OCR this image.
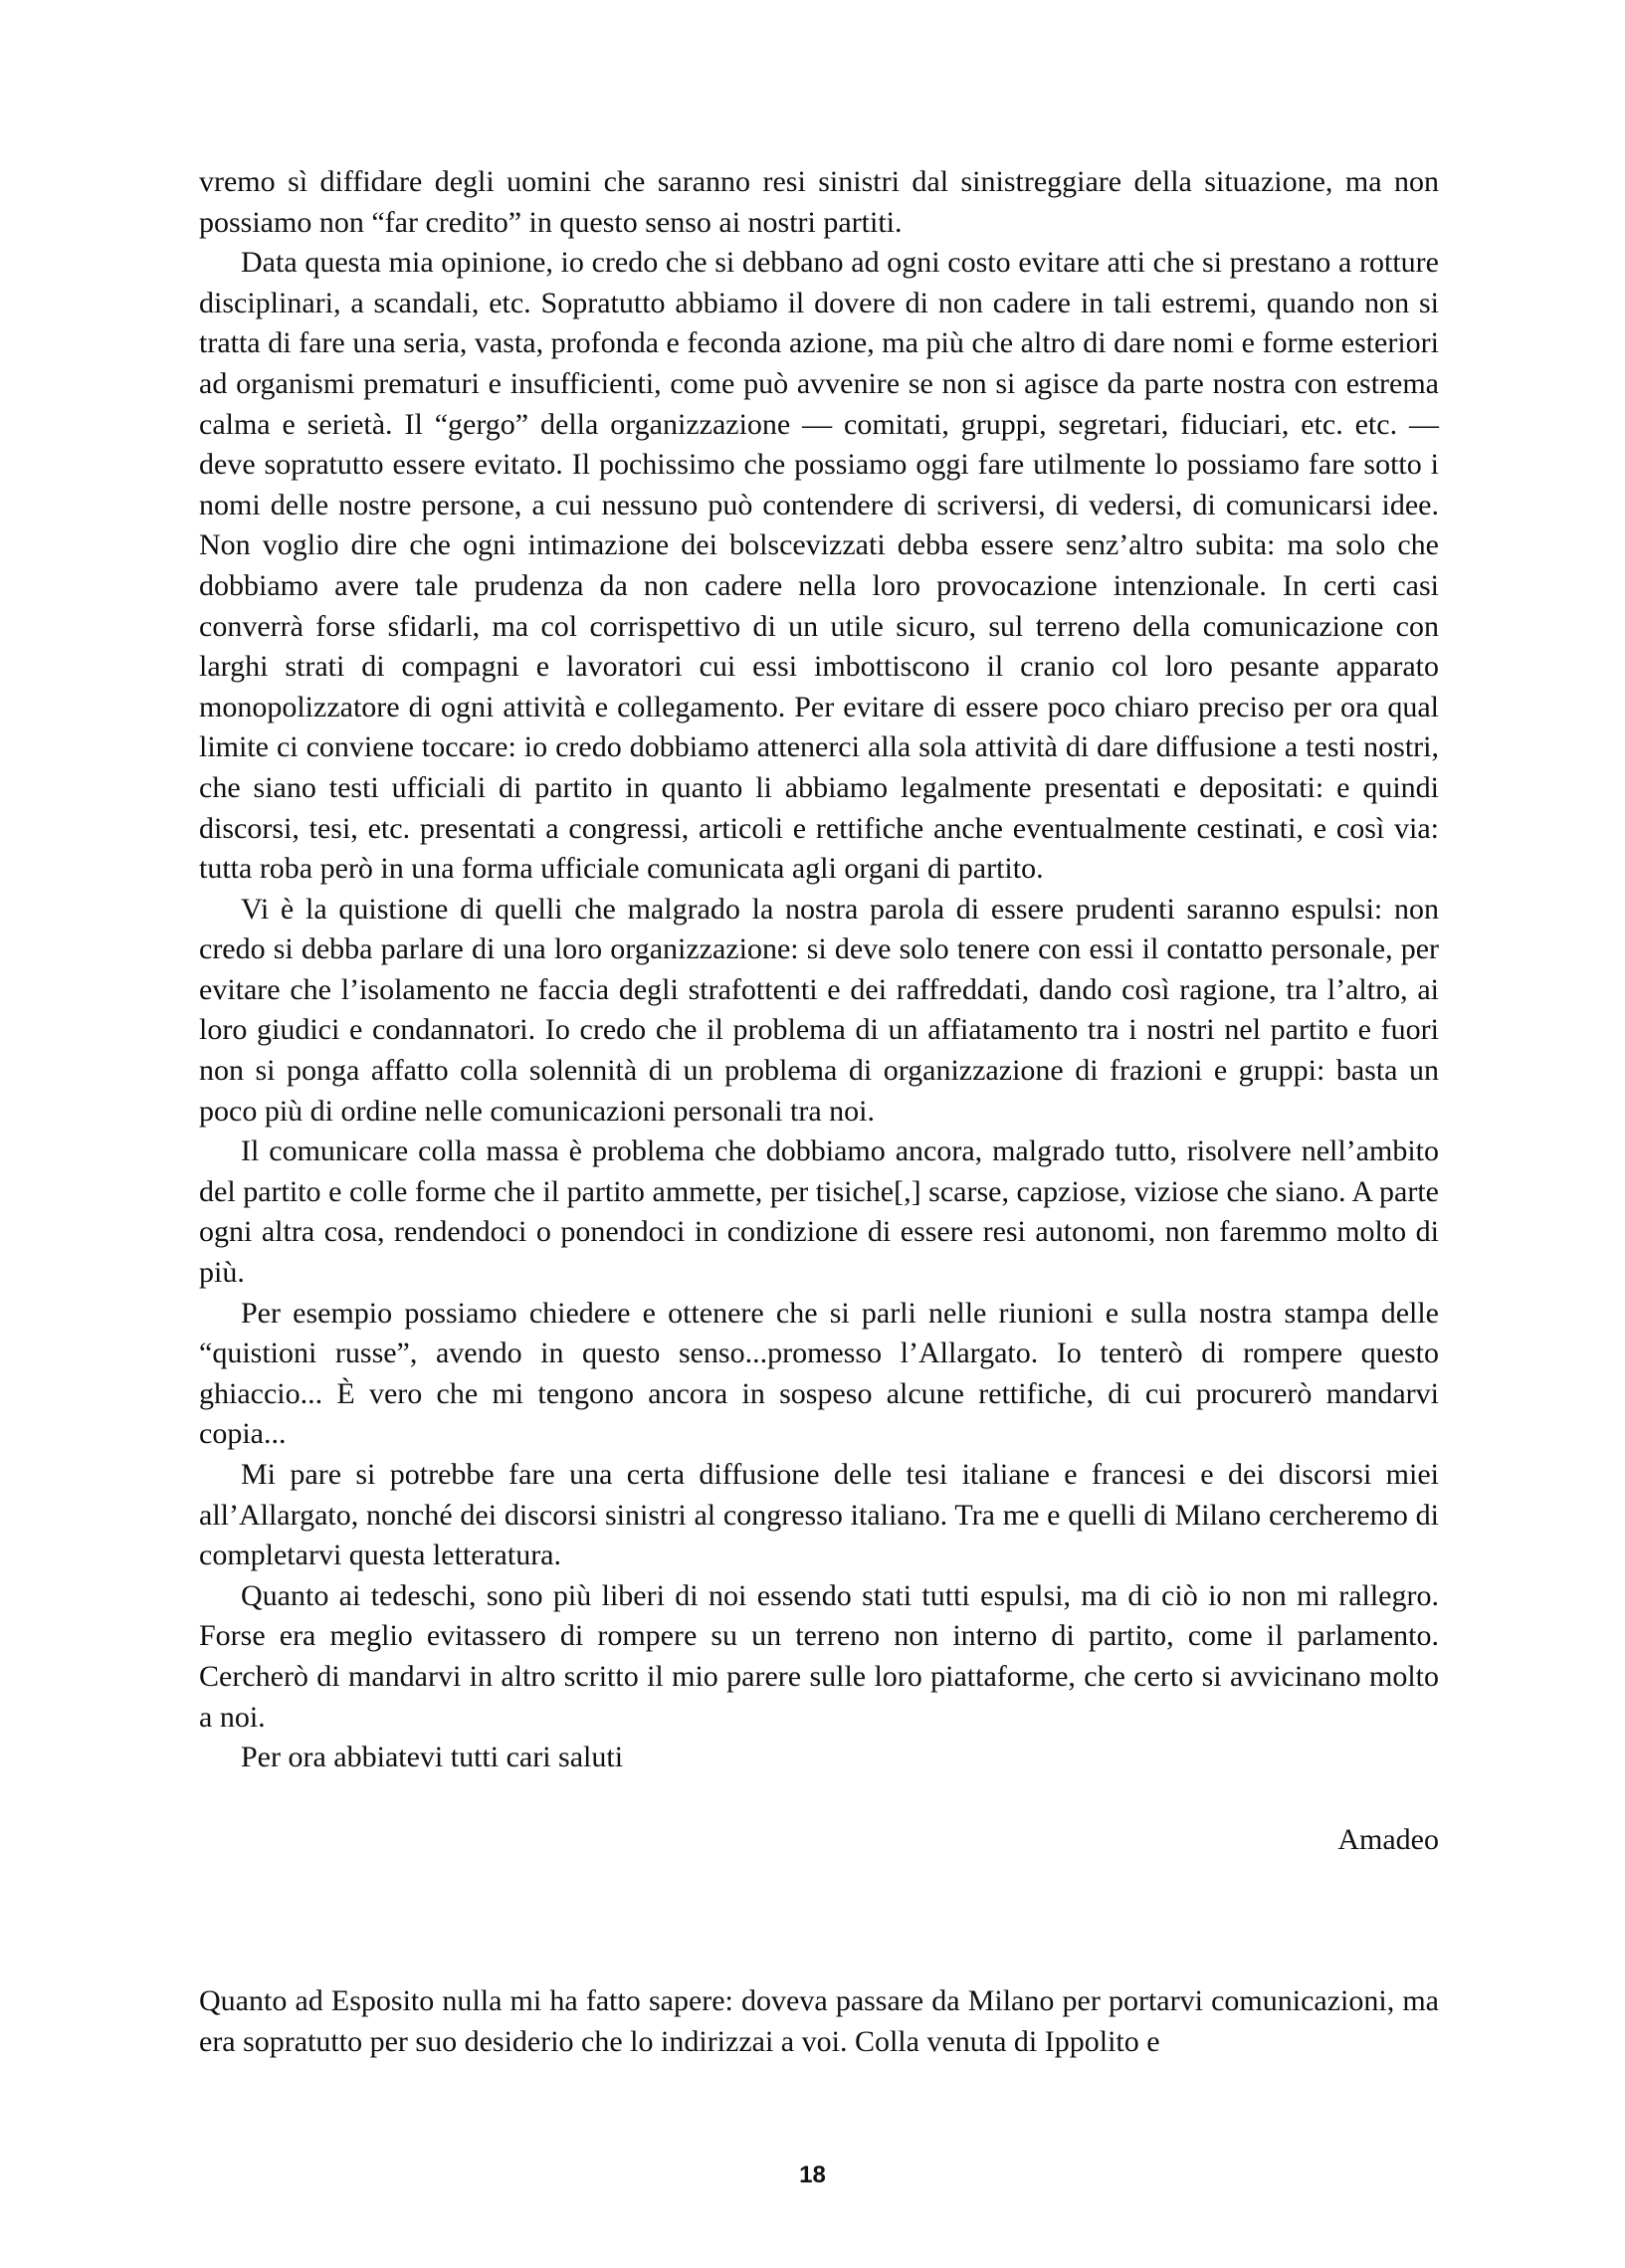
vremo sì diffidare degli uomini che saranno resi sinistri dal sinistreggiare della situazione, ma non possiamo non “far credito” in questo senso ai nostri partiti.

Data questa mia opinione, io credo che si debbano ad ogni costo evitare atti che si prestano a rotture disciplinari, a scandali, etc. Sopratutto abbiamo il dovere di non cadere in tali estremi, quando non si tratta di fare una seria, vasta, profonda e feconda azione, ma più che altro di dare nomi e forme esteriori ad organismi prematuri e insufficienti, come può avvenire se non si agisce da parte nostra con estrema calma e serietà. Il “gergo” della organizzazione — comitati, gruppi, segretari, fiduciari, etc. etc. — deve sopratutto essere evitato. Il pochissimo che possiamo oggi fare utilmente lo possiamo fare sotto i nomi delle nostre persone, a cui nessuno può contendere di scriversi, di vedersi, di comunicarsi idee. Non voglio dire che ogni intimazione dei bolscevizzati debba essere senz’altro subita: ma solo che dobbiamo avere tale prudenza da non cadere nella loro provocazione intenzionale. In certi casi converrà forse sfidarli, ma col corrispettivo di un utile sicuro, sul terreno della comunicazione con larghi strati di compagni e lavoratori cui essi imbottiscono il cranio col loro pesante apparato monopolizzatore di ogni attività e collegamento. Per evitare di essere poco chiaro preciso per ora qual limite ci conviene toccare: io credo dobbiamo attenerci alla sola attività di dare diffusione a testi nostri, che siano testi ufficiali di partito in quanto li abbiamo legalmente presentati e depositati: e quindi discorsi, tesi, etc. presentati a congressi, articoli e rettifiche anche eventualmente cestinati, e così via: tutta roba però in una forma ufficiale comunicata agli organi di partito.

Vi è la quistione di quelli che malgrado la nostra parola di essere prudenti saranno espulsi: non credo si debba parlare di una loro organizzazione: si deve solo tenere con essi il contatto personale, per evitare che l’isolamento ne faccia degli strafottenti e dei raffreddati, dando così ragione, tra l’altro, ai loro giudici e condannatori. Io credo che il problema di un affiatamento tra i nostri nel partito e fuori non si ponga affatto colla solennità di un problema di organizzazione di frazioni e gruppi: basta un poco più di ordine nelle comunicazioni personali tra noi.

Il comunicare colla massa è problema che dobbiamo ancora, malgrado tutto, risolvere nell’ambito del partito e colle forme che il partito ammette, per tisiche[,] scarse, capziose, viziose che siano. A parte ogni altra cosa, rendendoci o ponendoci in condizione di essere resi autonomi, non faremmo molto di più.

Per esempio possiamo chiedere e ottenere che si parli nelle riunioni e sulla nostra stampa delle “quistioni russe”, avendo in questo senso...promesso l’Allargato. Io tenterò di rompere questo ghiaccio... È vero che mi tengono ancora in sospeso alcune rettifiche, di cui procurerò mandarvi copia...

Mi pare si potrebbe fare una certa diffusione delle tesi italiane e francesi e dei discorsi miei all’Allargato, nonché dei discorsi sinistri al congresso italiano. Tra me e quelli di Milano cercheremo di completarvi questa letteratura.

Quanto ai tedeschi, sono più liberi di noi essendo stati tutti espulsi, ma di ciò io non mi rallegro. Forse era meglio evitassero di rompere su un terreno non interno di partito, come il parlamento. Cercherò di mandarvi in altro scritto il mio parere sulle loro piattaforme, che certo si avvicinano molto a noi.

Per ora abbiatevi tutti cari saluti

Amadeo

Quanto ad Esposito nulla mi ha fatto sapere: doveva passare da Milano per portarvi comunicazioni, ma era sopratutto per suo desiderio che lo indirizzai a voi. Colla venuta di Ippolito e

18
